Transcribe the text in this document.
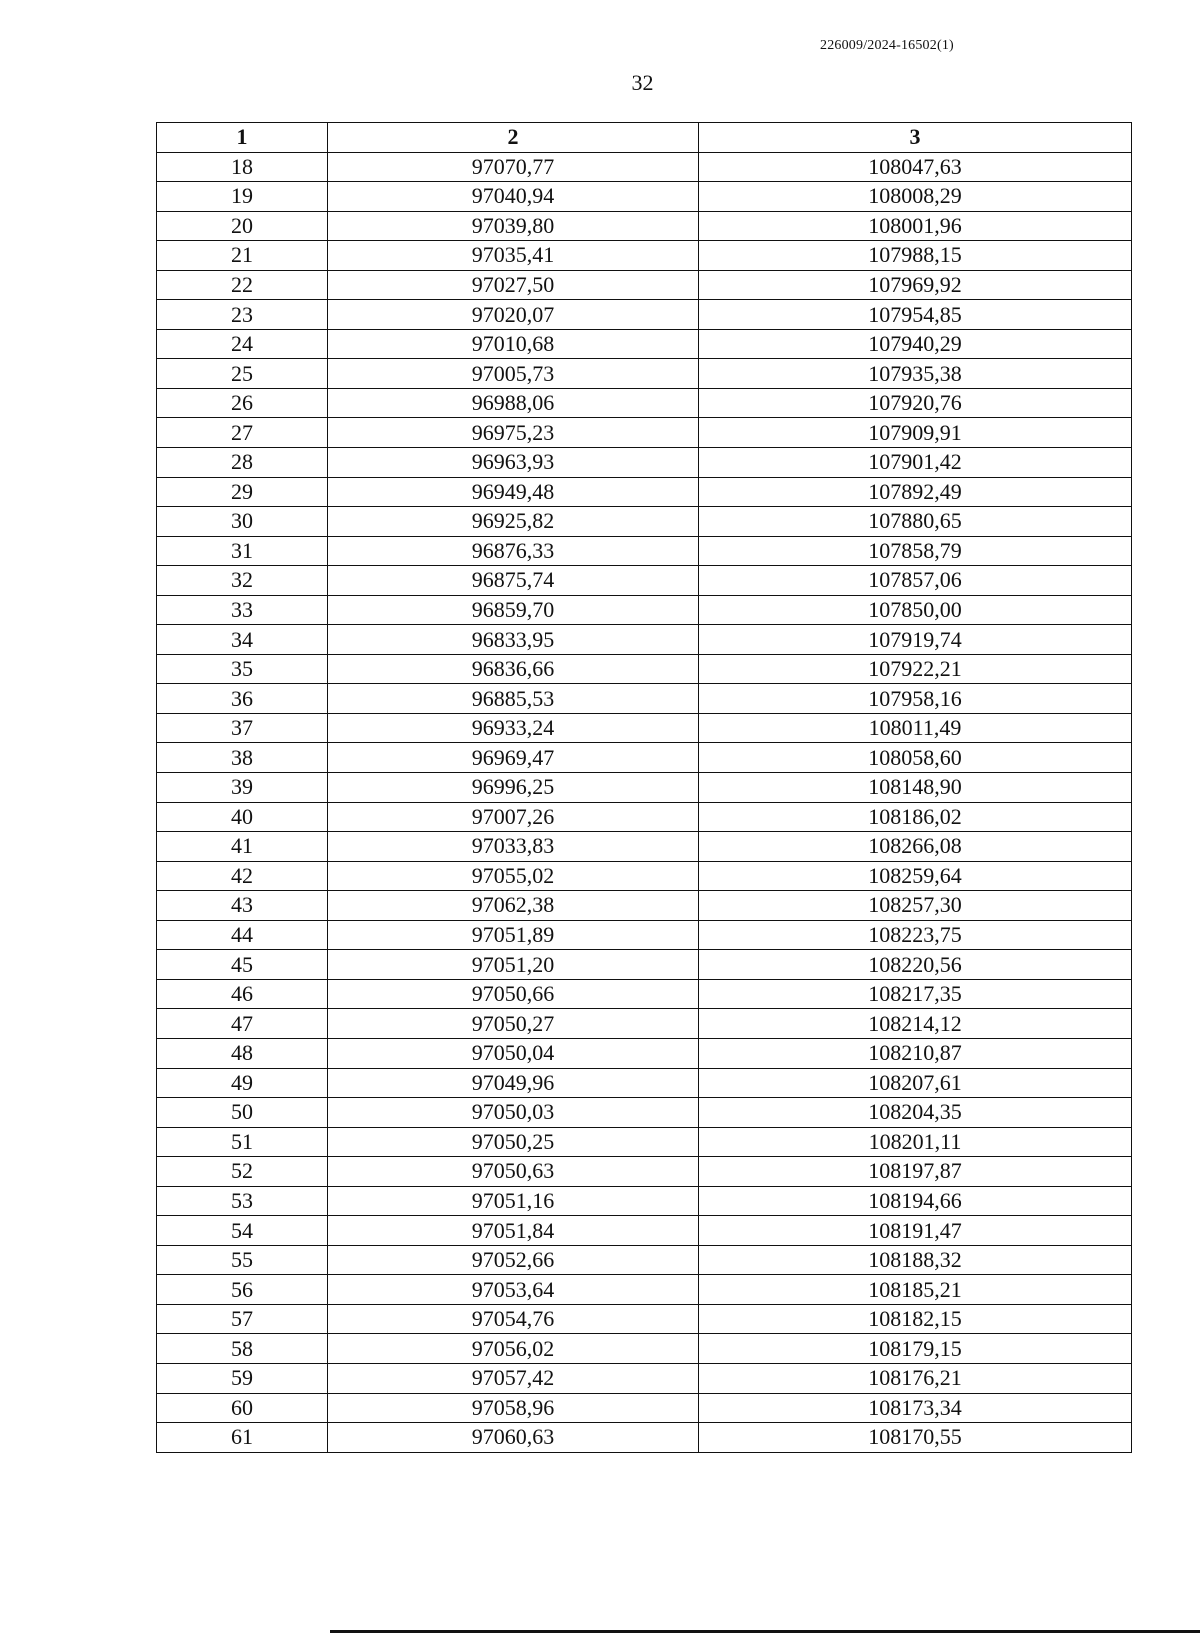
226009/2024-16502(1)
32
1	2	3
18	97070,77	108047,63
19	97040,94	108008,29
20	97039,80	108001,96
21	97035,41	107988,15
22	97027,50	107969,92
23	97020,07	107954,85
24	97010,68	107940,29
25	97005,73	107935,38
26	96988,06	107920,76
27	96975,23	107909,91
28	96963,93	107901,42
29	96949,48	107892,49
30	96925,82	107880,65
31	96876,33	107858,79
32	96875,74	107857,06
33	96859,70	107850,00
34	96833,95	107919,74
35	96836,66	107922,21
36	96885,53	107958,16
37	96933,24	108011,49
38	96969,47	108058,60
39	96996,25	108148,90
40	97007,26	108186,02
41	97033,83	108266,08
42	97055,02	108259,64
43	97062,38	108257,30
44	97051,89	108223,75
45	97051,20	108220,56
46	97050,66	108217,35
47	97050,27	108214,12
48	97050,04	108210,87
49	97049,96	108207,61
50	97050,03	108204,35
51	97050,25	108201,11
52	97050,63	108197,87
53	97051,16	108194,66
54	97051,84	108191,47
55	97052,66	108188,32
56	97053,64	108185,21
57	97054,76	108182,15
58	97056,02	108179,15
59	97057,42	108176,21
60	97058,96	108173,34
61	97060,63	108170,55
